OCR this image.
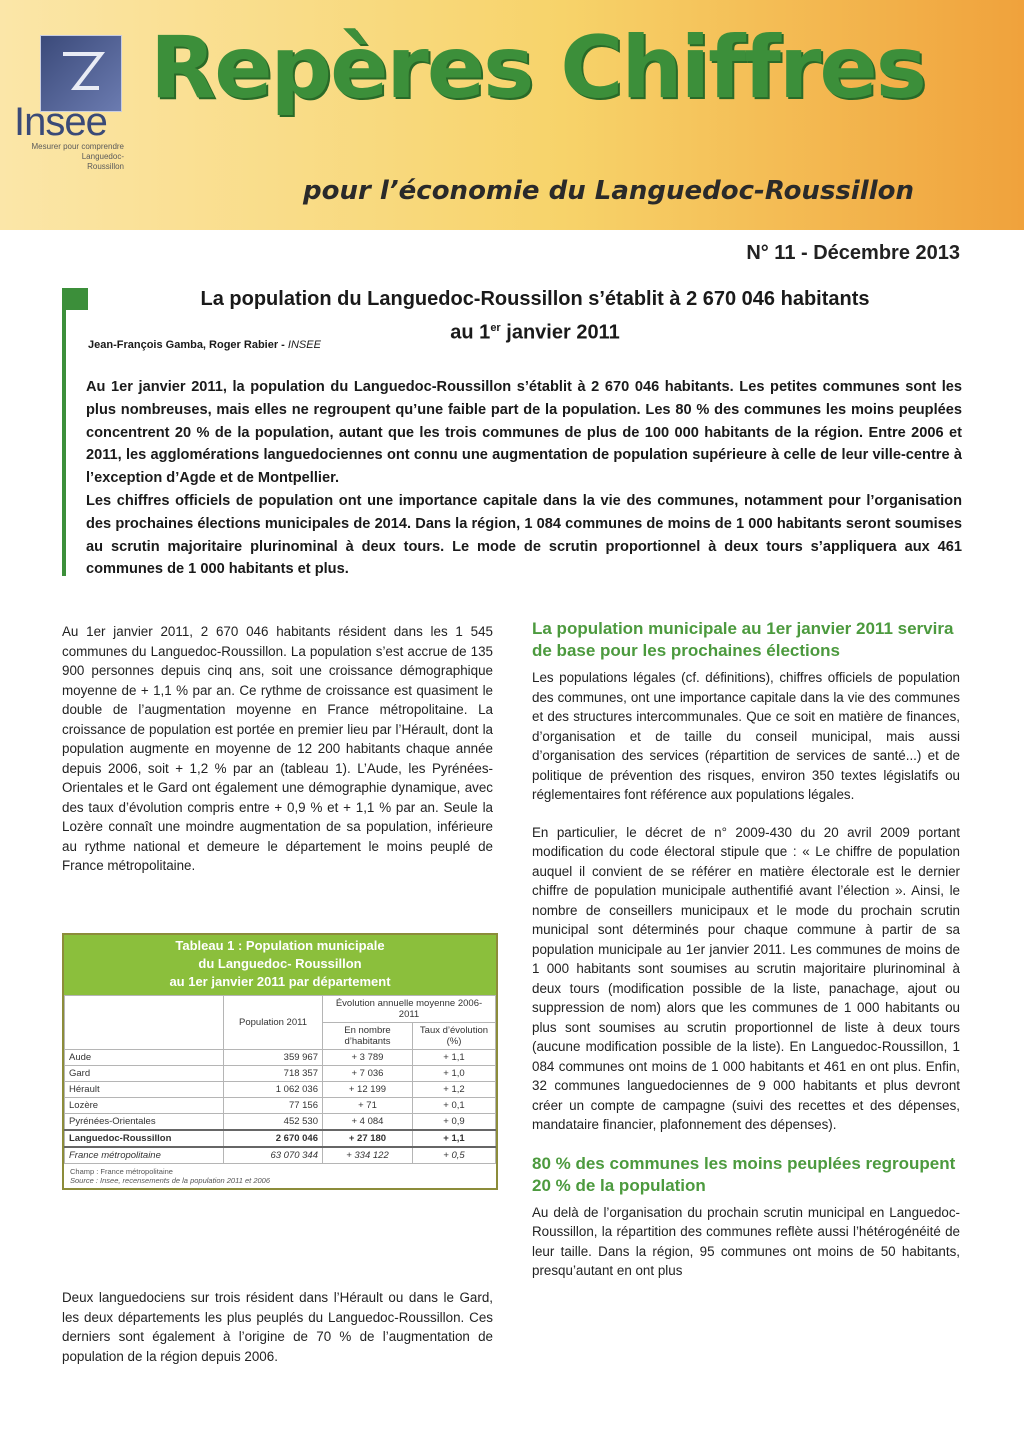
Insee
Mesurer pour comprendre
Languedoc-
Roussillon
Repères Chiffres
pour l’économie du Languedoc-Roussillon
N° 11 - Décembre 2013
La population du Languedoc-Roussillon s’établit à 2 670 046 habitants
au 1er janvier 2011
Jean-François Gamba, Roger Rabier - INSEE

Au 1er janvier 2011, la population du Languedoc-Roussillon s’établit à 2 670 046 habitants. Les petites communes sont les plus nombreuses, mais elles ne regroupent qu’une faible part de la population. Les 80 % des communes les moins peuplées concentrent 20 % de la population, autant que les trois communes de plus de 100 000 habitants de la région. Entre 2006 et 2011, les agglomérations languedociennes ont connu une augmentation de population supérieure à celle de leur ville-centre à l’exception d’Agde et de Montpellier.

Les chiffres officiels de population ont une importance capitale dans la vie des communes, notamment pour l’organisation des prochaines élections municipales de 2014. Dans la région, 1 084 communes de moins de 1 000 habitants seront soumises au scrutin majoritaire plurinominal à deux tours. Le mode de scrutin proportionnel à deux tours s’appliquera aux 461 communes de 1 000 habitants et plus.

Au 1er janvier 2011, 2 670 046 habitants résident dans les 1 545 communes du Languedoc-Roussillon. La population s’est accrue de 135 900 personnes depuis cinq ans, soit une croissance démographique moyenne de + 1,1 % par an. Ce rythme de croissance est quasiment le double de l’augmentation moyenne en France métropolitaine. La croissance de population est portée en premier lieu par l’Hérault, dont la population augmente en moyenne de 12 200 habitants chaque année depuis 2006, soit + 1,2 % par an (tableau 1). L’Aude, les Pyrénées-Orientales et le Gard ont également une démographie dynamique, avec des taux d’évolution compris entre + 0,9 % et + 1,1 % par an. Seule la Lozère connaît une moindre augmentation de sa population, inférieure au rythme national et demeure le département le moins peuplé de France métropolitaine.

Tableau 1 : Population municipale
du Languedoc- Roussillon
au 1er janvier 2011 par département
	Population 2011	Évolution annuelle moyenne 2006-2011	
		En nombre d’habitants	Taux d’évolution (%)
Aude	359 967	+ 3 789	+ 1,1
Gard	718 357	+ 7 036	+ 1,0
Hérault	1 062 036	+ 12 199	+ 1,2
Lozère	77 156	+ 71	+ 0,1
Pyrénées-Orientales	452 530	+ 4 084	+ 0,9
Languedoc-Roussillon	2 670 046	+ 27 180	+ 1,1
France métropolitaine	63 070 344	+ 334 122	+ 0,5
Champ : France métropolitaine
Source : Insee, recensements de la population 2011 et 2006

Deux languedociens sur trois résident dans l’Hérault ou dans le Gard, les deux départements les plus peuplés du Languedoc-Roussillon. Ces derniers sont également à l’origine de 70 % de l’augmentation de population de la région depuis 2006.

La population municipale au 1er janvier 2011 servira de base pour les prochaines élections

Les populations légales (cf. définitions), chiffres officiels de population des communes, ont une importance capitale dans la vie des communes et des structures intercommunales. Que ce soit en matière de finances, d’organisation et de taille du conseil municipal, mais aussi d’organisation des services (répartition de services de santé...) et de politique de prévention des risques, environ 350 textes législatifs ou réglementaires font référence aux populations légales.

En particulier, le décret de n° 2009-430 du 20 avril 2009 portant modification du code électoral stipule que : « Le chiffre de population auquel il convient de se référer en matière électorale est le dernier chiffre de population municipale authentifié avant l’élection ». Ainsi, le nombre de conseillers municipaux et le mode du prochain scrutin municipal sont déterminés pour chaque commune à partir de sa population municipale au 1er janvier 2011. Les communes de moins de 1 000 habitants sont soumises au scrutin majoritaire plurinominal à deux tours (modification possible de la liste, panachage, ajout ou suppression de nom) alors que les communes de 1 000 habitants ou plus sont soumises au scrutin proportionnel de liste à deux tours (aucune modification possible de la liste). En Languedoc-Roussillon, 1 084 communes ont moins de 1 000 habitants et 461 en ont plus. Enfin, 32 communes languedociennes de 9 000 habitants et plus devront créer un compte de campagne (suivi des recettes et des dépenses, mandataire financier, plafonnement des dépenses).

80 % des communes les moins peuplées regroupent 20 % de la population

Au delà de l’organisation du prochain scrutin municipal en Languedoc-Roussillon, la répartition des communes reflète aussi l’hétérogénéité de leur taille. Dans la région, 95 communes ont moins de 50 habitants, presqu’autant en ont plus
